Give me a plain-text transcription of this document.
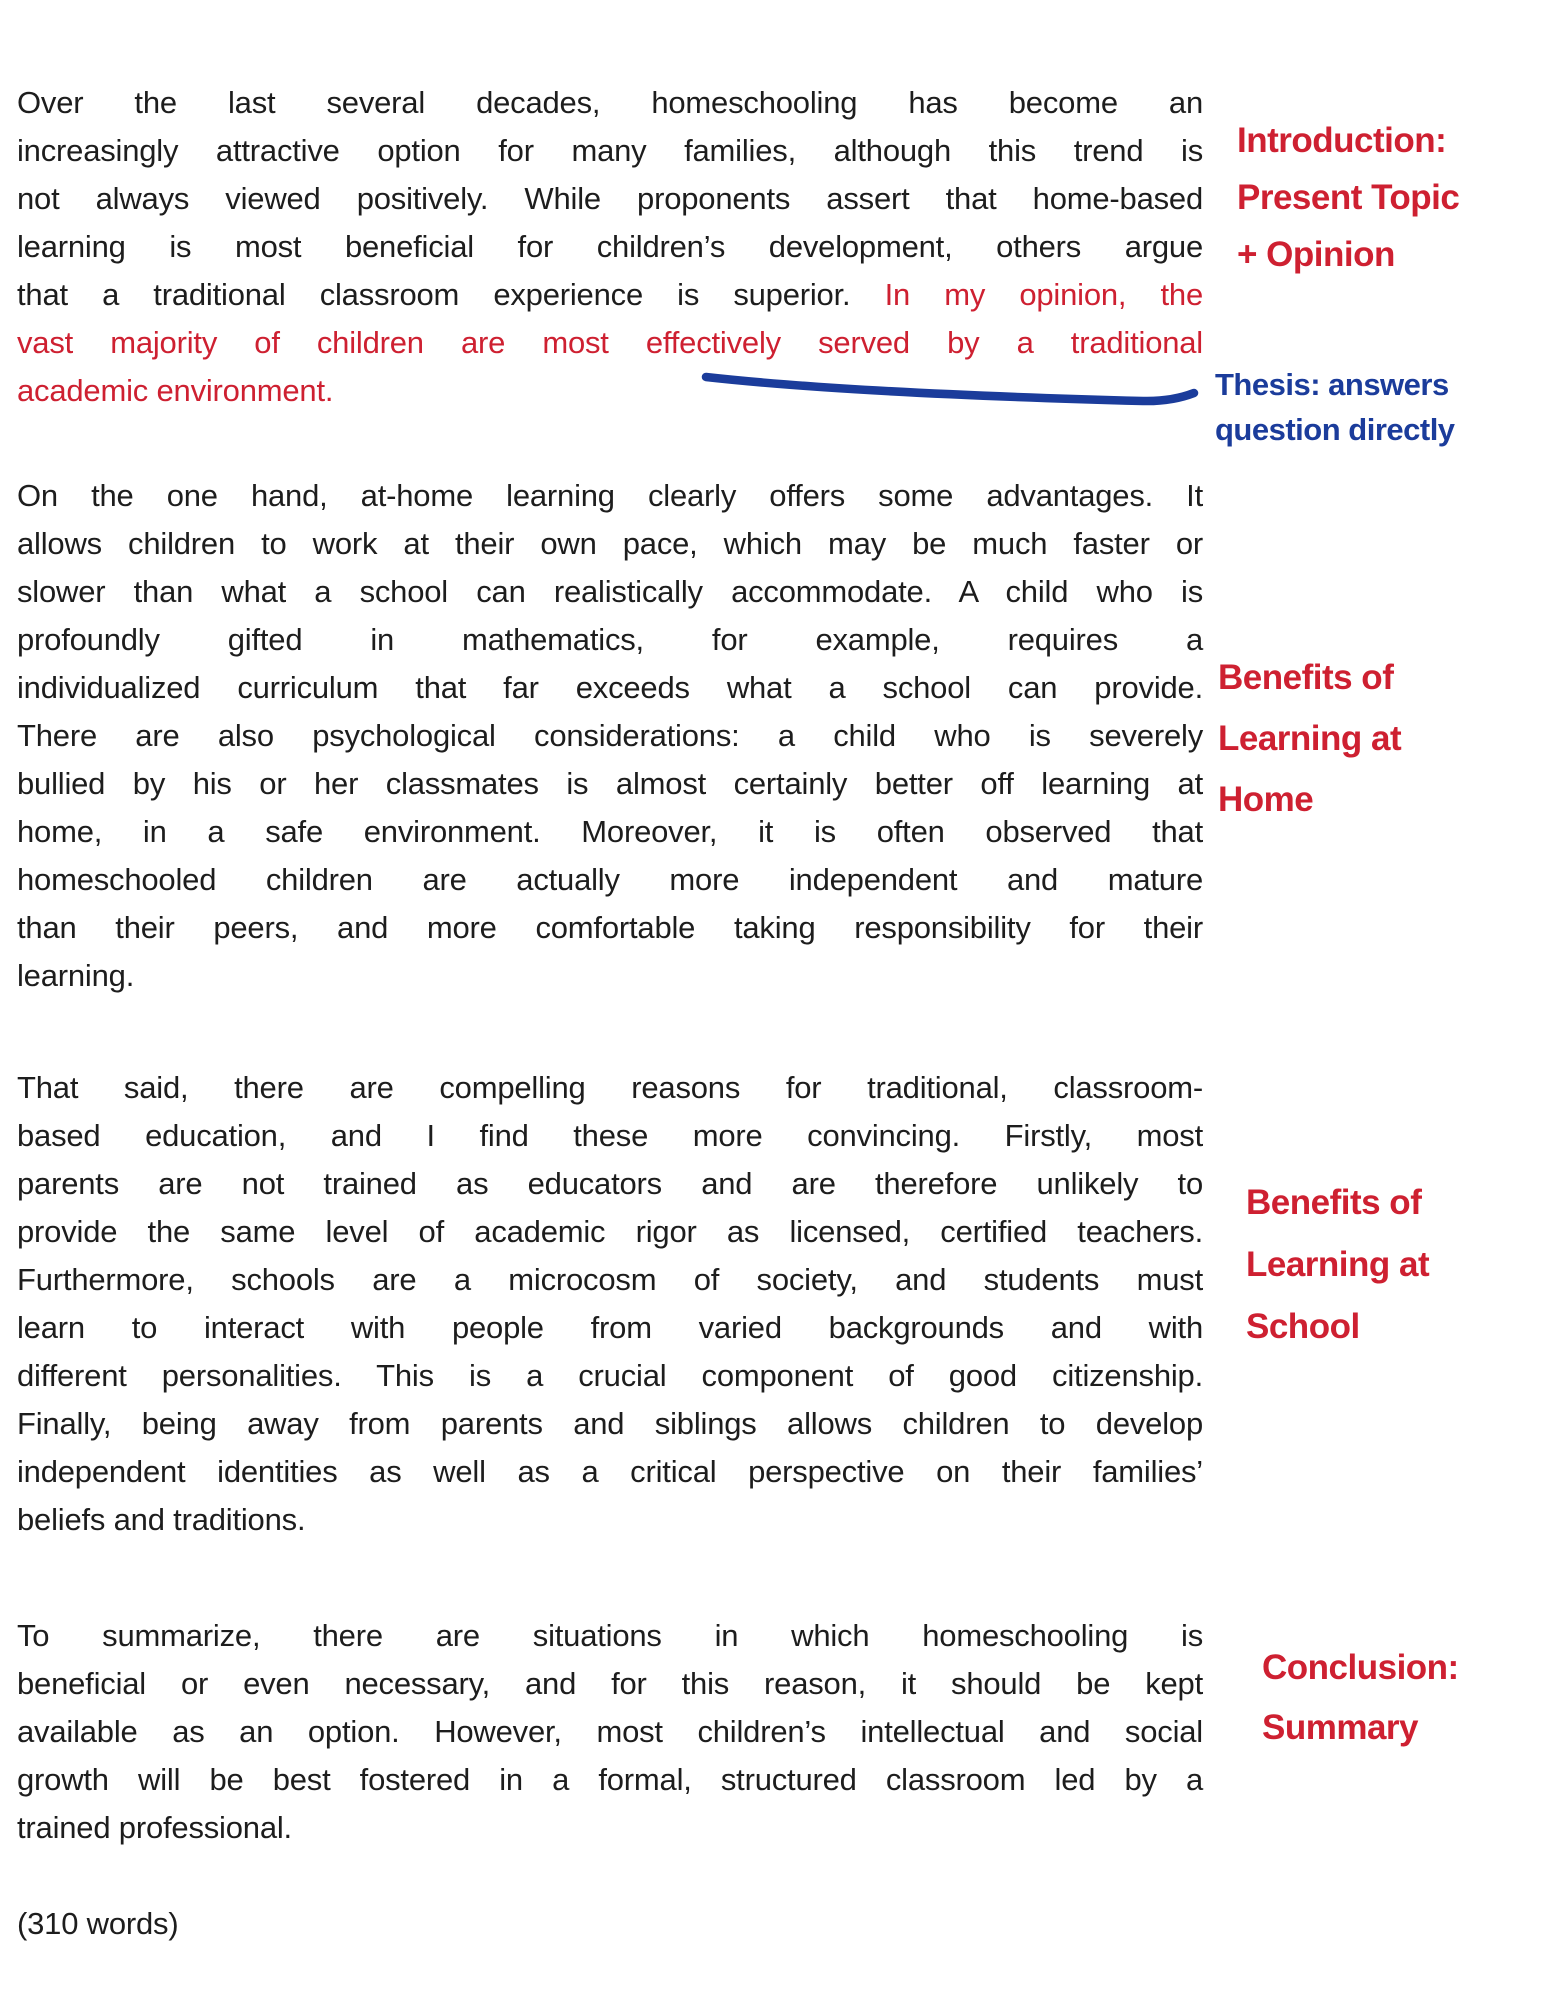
Over the last several decades, homeschooling has become an
increasingly attractive option for many families, although this trend is
not always viewed positively. While proponents assert that home-based
learning is most beneficial for children’s development, others argue
that a traditional classroom experience is superior. In my opinion, the
vast majority of children are most effectively served by a traditional
academic environment.
On the one hand, at-home learning clearly offers some advantages. It
allows children to work at their own pace, which may be much faster or
slower than what a school can realistically accommodate. A child who is
profoundly gifted in mathematics, for example, requires a
individualized curriculum that far exceeds what a school can provide.
There are also psychological considerations: a child who is severely
bullied by his or her classmates is almost certainly better off learning at
home, in a safe environment. Moreover, it is often observed that
homeschooled children are actually more independent and mature
than their peers, and more comfortable taking responsibility for their
learning.
That said, there are compelling reasons for traditional, classroom-
based education, and I find these more convincing. Firstly, most
parents are not trained as educators and are therefore unlikely to
provide the same level of academic rigor as licensed, certified teachers.
Furthermore, schools are a microcosm of society, and students must
learn to interact with people from varied backgrounds and with
different personalities. This is a crucial component of good citizenship.
Finally, being away from parents and siblings allows children to develop
independent identities as well as a critical perspective on their families’
beliefs and traditions.
To summarize, there are situations in which homeschooling is
beneficial or even necessary, and for this reason, it should be kept
available as an option. However, most children’s intellectual and social
growth will be best fostered in a formal, structured classroom led by a
trained professional.
(310 words)
Introduction:
Present Topic
+ Opinion
Thesis: answers
question directly
Benefits of
Learning at
Home
Benefits of
Learning at
School
Conclusion:
Summary
